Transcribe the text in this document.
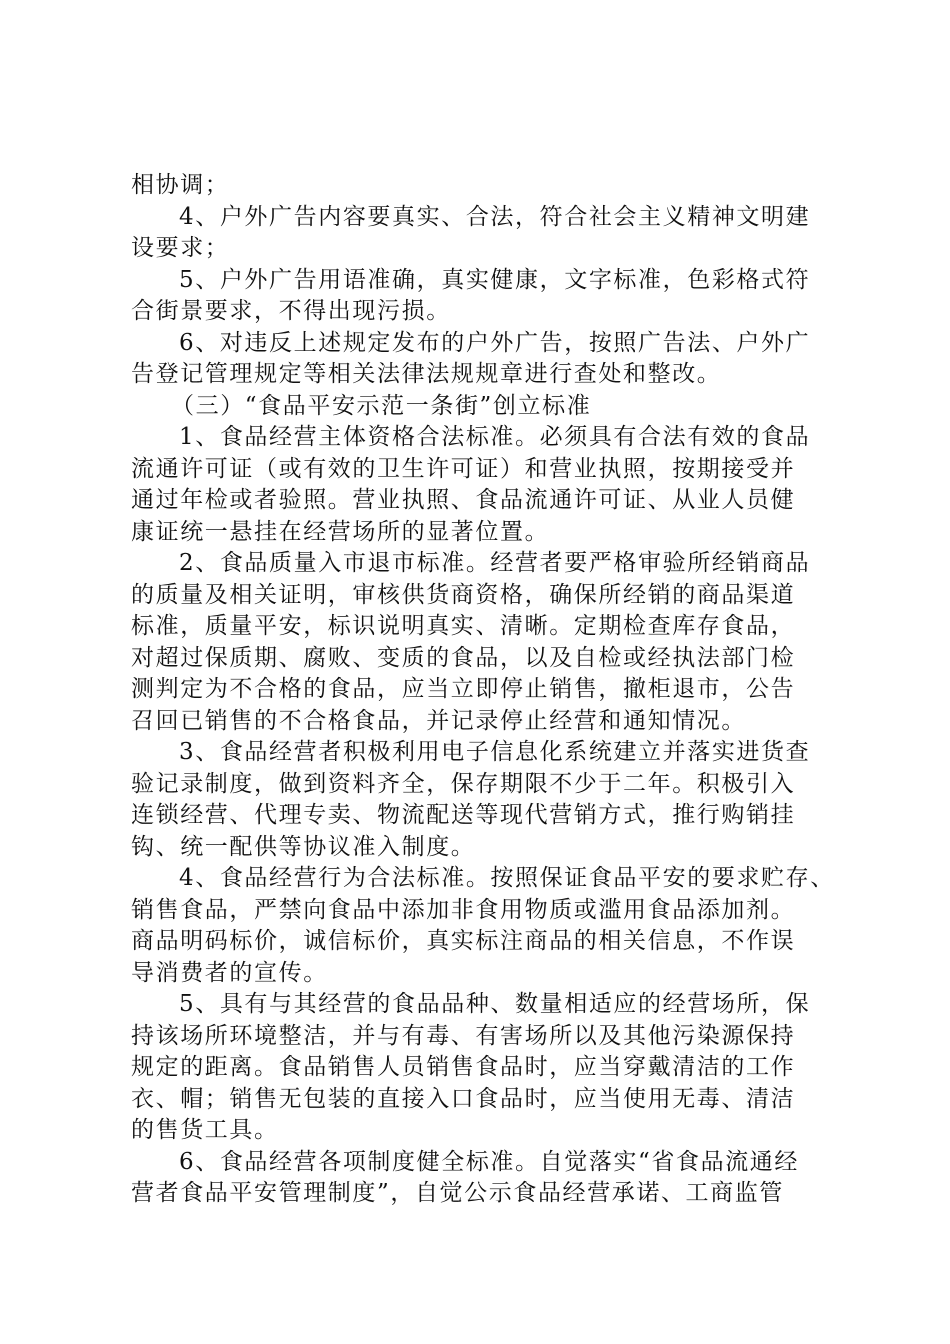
相协调；
4、户外广告内容要真实、合法，符合社会主义精神文明建
设要求；
5、户外广告用语准确，真实健康，文字标准，色彩格式符
合街景要求，不得出现污损。
6、对违反上述规定发布的户外广告，按照广告法、户外广
告登记管理规定等相关法律法规规章进行查处和整改。
（三）“食品平安示范一条街”创立标准
1、食品经营主体资格合法标准。必须具有合法有效的食品
流通许可证（或有效的卫生许可证）和营业执照，按期接受并
通过年检或者验照。营业执照、食品流通许可证、从业人员健
康证统一悬挂在经营场所的显著位置。
2、食品质量入市退市标准。经营者要严格审验所经销商品
的质量及相关证明，审核供货商资格，确保所经销的商品渠道
标准，质量平安，标识说明真实、清晰。定期检查库存食品，
对超过保质期、腐败、变质的食品，以及自检或经执法部门检
测判定为不合格的食品，应当立即停止销售，撤柜退市，公告
召回已销售的不合格食品，并记录停止经营和通知情况。
3、食品经营者积极利用电子信息化系统建立并落实进货查
验记录制度，做到资料齐全，保存期限不少于二年。积极引入
连锁经营、代理专卖、物流配送等现代营销方式，推行购销挂
钩、统一配供等协议准入制度。
4、食品经营行为合法标准。按照保证食品平安的要求贮存、
销售食品，严禁向食品中添加非食用物质或滥用食品添加剂。
商品明码标价，诚信标价，真实标注商品的相关信息，不作误
导消费者的宣传。
5、具有与其经营的食品品种、数量相适应的经营场所，保
持该场所环境整洁，并与有毒、有害场所以及其他污染源保持
规定的距离。食品销售人员销售食品时，应当穿戴清洁的工作
衣、帽；销售无包装的直接入口食品时，应当使用无毒、清洁
的售货工具。
6、食品经营各项制度健全标准。自觉落实“省食品流通经
营者食品平安管理制度”，自觉公示食品经营承诺、工商监管
